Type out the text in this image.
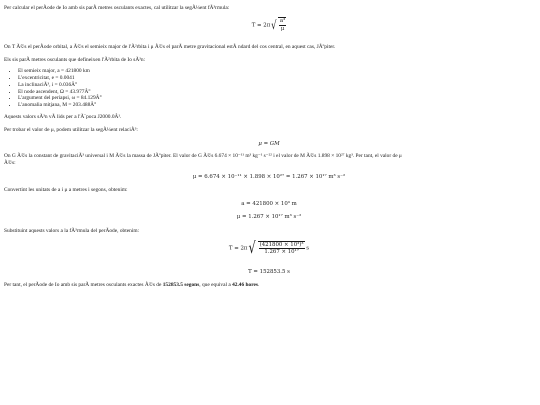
Per calcular el perÃode de Io amb sis parÃ metres osculants exactes, cal utilitzar la segÃ¼ent fÃ³rmula:

$T = 2\pi√ \frac{\text{a³}}{\mu}$

On T Ã©s el perÃode orbital, a Ã©s el semieix major de l'Ã²rbita i μ Ã©s el parÃ metre gravitacional estÃ ndard del cos central, en aquest cas, JÃºpiter.

Els sis parÃ metres osculants que defineixen l'Ã²rbita de Io sÃ³n:

• El semieix major, a = 421800 km
• L'excentricitat, e = 0.0041
• La inclinaciÃ³, i = 0.036Â°
• El node ascendent, Ω = 43.977Â°
• L'argument del periapsi, ω = 84.129Â°
• L'anomalia mitjana, M = 203.488Â°

Aquests valors sÃ³n vÃ lids per a l'Ã¨poca J2000.0Â¹.

Per trobar el valor de μ, podem utilitzar la segÃ¼ent relaciÃ³:

μ = GM

On G Ã©s la constant de gravitaciÃ³ universal i M Ã©s la massa de JÃºpiter. El valor de G Ã©s 6.674 × 10⁻¹¹ m³ kg⁻¹ s⁻²² i el valor de M Ã©s 1.898 × 10²⁷ kg³. Per tant, el valor de μ

Ã©s:

μ = 6.674 × 10⁻¹¹ × 1.898 × 10²⁷ = 1.267 × 10¹⁷ m³ s⁻²

Convertint les unitats de a i μ a metres i segons, obtenim:

a = 421800 × 10³ m
μ = 1.267 × 10¹⁷ m³ s⁻²

Substituint aquests valors a la fÃ³rmula del perÃode, obtenim:

$T = 2\pi√ \frac{\text{(421800 × 10³)³}}{\text{1.267 × 10¹⁷}}$ s
T = 152853.5 s

Per tant, el perÃode de Io amb sis parÃ metres osculants exactes Ã©s de 152853.5 segons, que equival a 42.46 hores.
